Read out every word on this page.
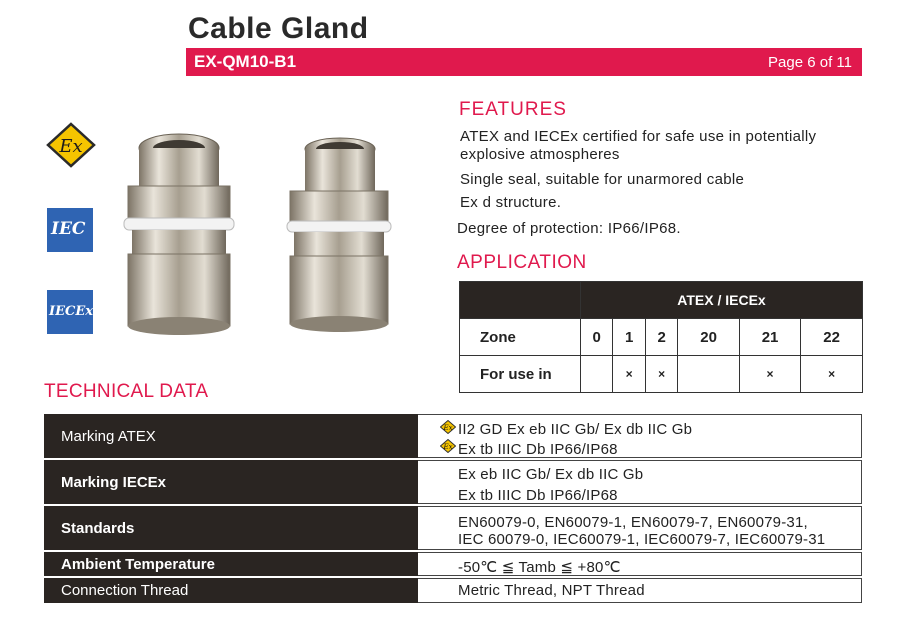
Cable Gland
EX-QM10-B1	Page 6 of 11
Ex
IEC
IECEx
FEATURES
ATEX and IECEx certified for safe use in potentially
explosive atmospheres
Single seal, suitable for unarmored cable
Ex d structure.
Degree of protection: IP66/IP68.
APPLICATION
	ATEX / IECEx					
Zone	0	1	2	20	21	22
For use in		×	×		×	×
TECHNICAL DATA
Marking ATEX	Ex II2 GD Ex eb IIC Gb/ Ex db IIC Gb
Ex Ex tb IIIC Db IP66/IP68
Marking IECEx	Ex eb IIC Gb/ Ex db IIC Gb
Ex tb IIIC Db IP66/IP68
Standards	EN60079-0, EN60079-1, EN60079-7, EN60079-31,
IEC 60079-0, IEC60079-1, IEC60079-7, IEC60079-31
Ambient Temperature	-50℃ ≦ Tamb ≦ +80℃
Connection Thread	Metric Thread, NPT Thread
